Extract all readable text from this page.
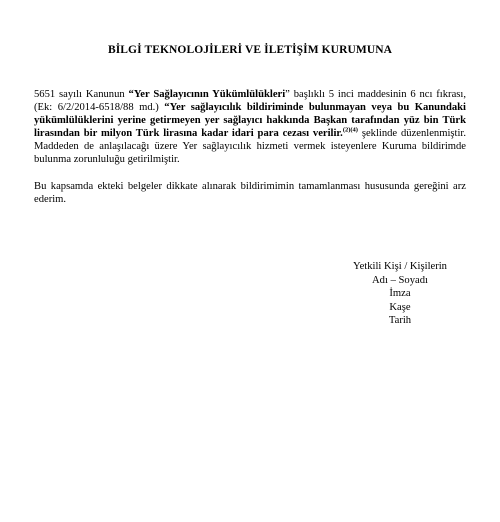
BİLGİ TEKNOLOJİLERİ VE İLETİŞİM KURUMUNA
5651 sayılı Kanunun “Yer Sağlayıcının Yükümlülükleri” başlıklı 5 inci maddesinin 6 ncı fıkrası, (Ek: 6/2/2014-6518/88 md.) “Yer sağlayıcılık bildiriminde bulunmayan veya bu Kanundaki yükümlülüklerini yerine getirmeyen yer sağlayıcı hakkında Başkan tarafından yüz bin Türk lirasından bir milyon Türk lirasına kadar idari para cezası verilir.$^{(2)(4)}$ şeklinde düzenlenmiştir. Maddeden de anlaşılacağı üzere Yer sağlayıcılık hizmeti vermek isteyenlere Kuruma bildirimde bulunma zorunluluğu getirilmiştir.
Bu kapsamda ekteki belgeler dikkate alınarak bildirimimin tamamlanması hususunda gereğini arz ederim.
Yetkili Kişi / Kişilerin
Adı – Soyadı
İmza
Kaşe
Tarih
